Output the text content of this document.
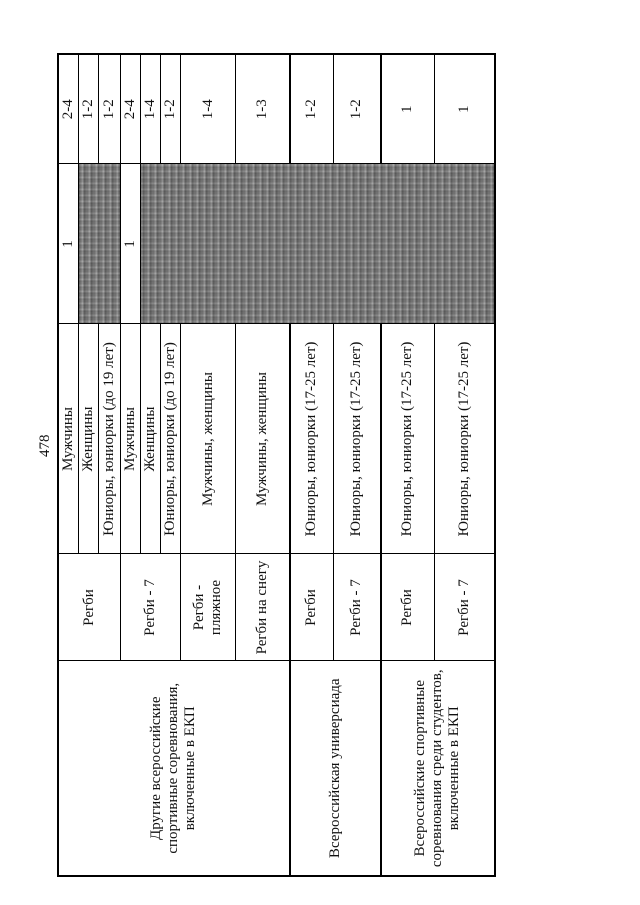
478
Другие всероссийские спортивные соревнования, включенные в ЕКП	Регби	Мужчины	1	2-4
		Женщины		1-2
		Юниоры, юниорки (до 19 лет)		1-2
	Регби - 7	Мужчины	1	2-4
		Женщины		1-4
		Юниоры, юниорки (до 19 лет)		1-2
	Регби - пляжное	Мужчины, женщины		1-4
	Регби на снегу	Мужчины, женщины		1-3
Всероссийская универсиада	Регби	Юниоры, юниорки (17-25 лет)		1-2
	Регби - 7	Юниоры, юниорки (17-25 лет)		1-2
Всероссийские спортивные соревнования среди студентов, включенные в ЕКП	Регби	Юниоры, юниорки (17-25 лет)		1
	Регби - 7	Юниоры, юниорки (17-25 лет)		1
